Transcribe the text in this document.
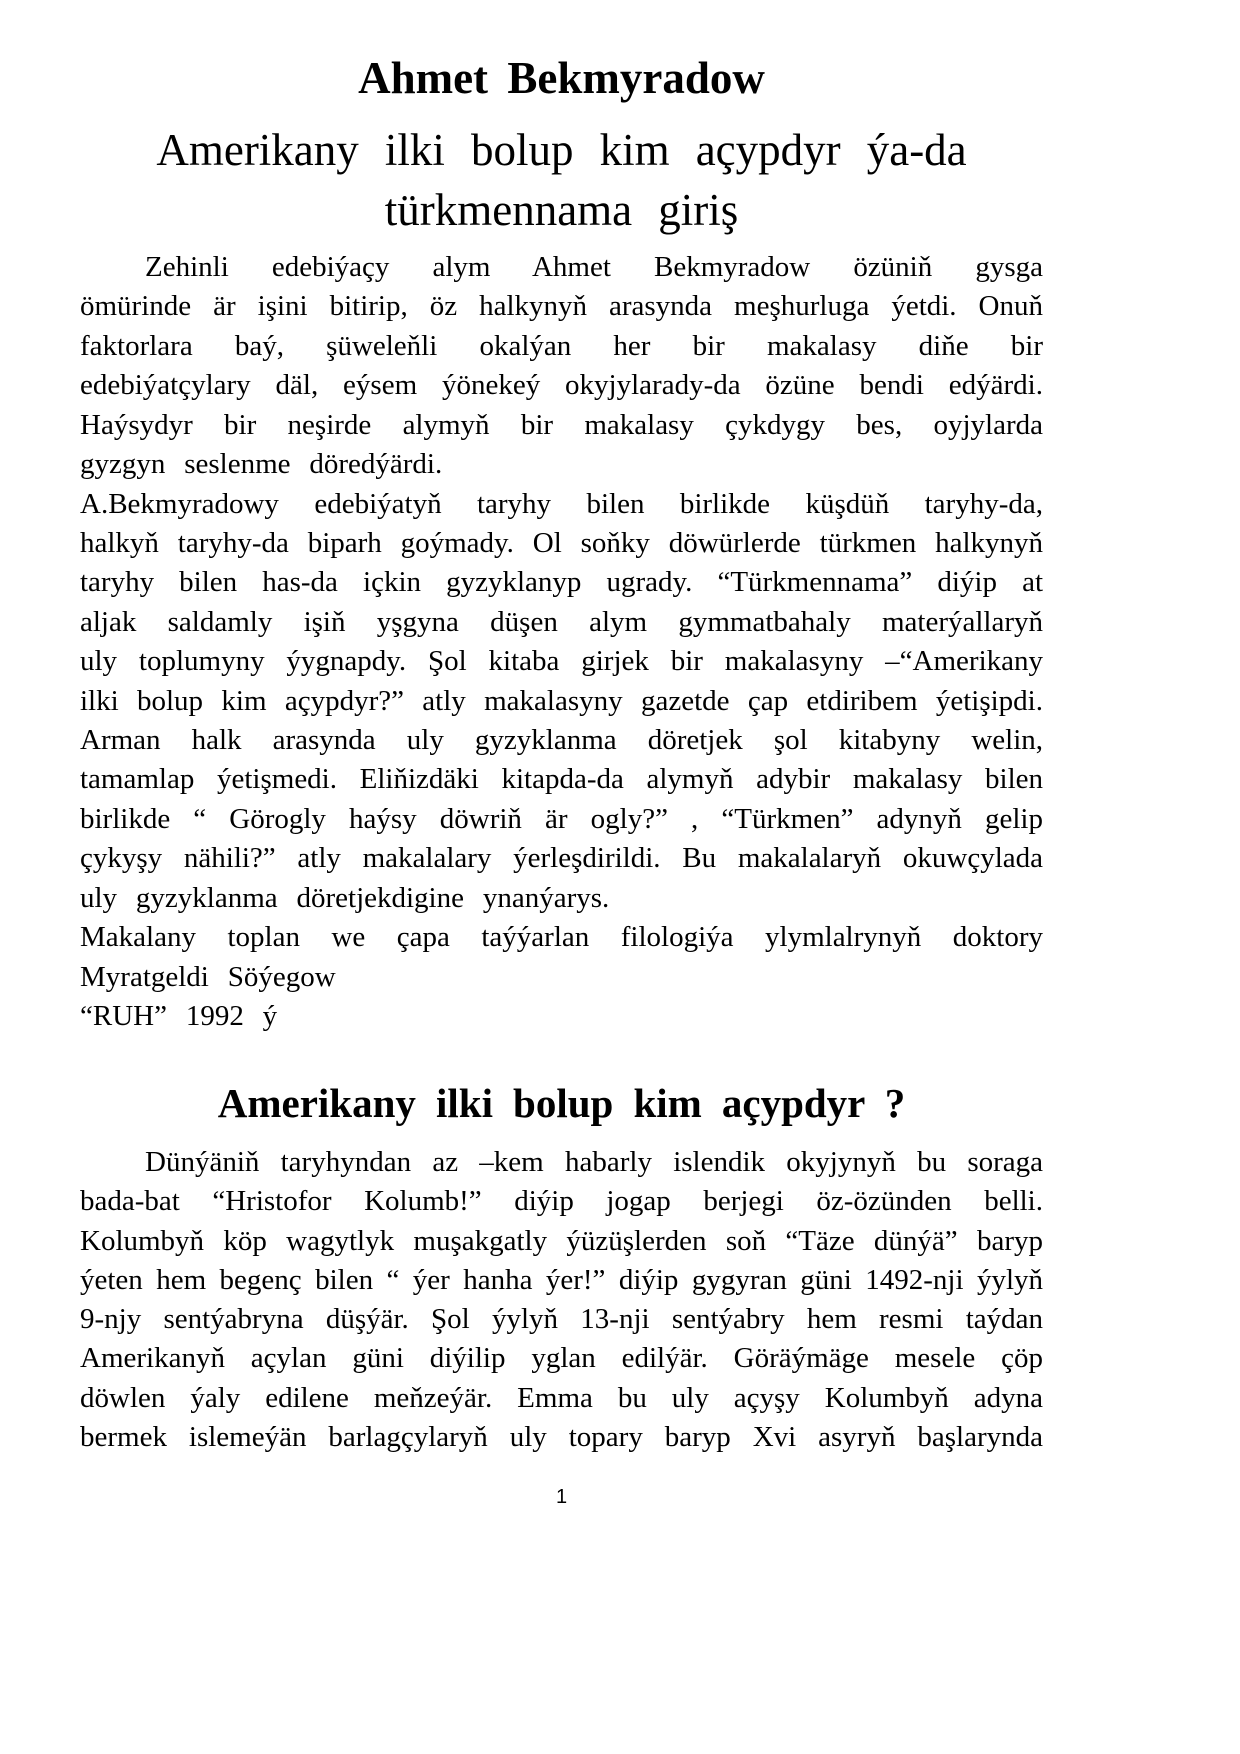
Ahmet Bekmyradow
Amerikany ilki bolup kim açypdyr ýa-da
türkmennama giriş
Zehinli edebiýaçy alym Ahmet Bekmyradow özüniň gysga
ömürinde är işini bitirip, öz halkynyň arasynda meşhurluga ýetdi. Onuň
faktorlara baý, şüweleňli okalýan her bir makalasy diňe bir
edebiýatçylary däl, eýsem ýönekeý okyjylarady-da özüne bendi edýärdi.
Haýsydyr bir neşirde alymyň bir makalasy çykdygy bes, oyjylarda
gyzgyn seslenme döredýärdi.
A.Bekmyradowy edebiýatyň taryhy bilen birlikde küşdüň taryhy-da,
halkyň taryhy-da biparh goýmady. Ol soňky döwürlerde türkmen halkynyň
taryhy bilen has-da içkin gyzyklanyp ugrady. “Türkmennama” diýip at
aljak saldamly işiň yşgyna düşen alym gymmatbahaly materýallaryň
uly toplumyny ýygnapdy. Şol kitaba girjek bir makalasyny –“Amerikany
ilki bolup kim açypdyr?” atly makalasyny gazetde çap etdiribem ýetişipdi.
Arman halk arasynda uly gyzyklanma döretjek şol kitabyny welin,
tamamlap ýetişmedi. Eliňizdäki kitapda-da alymyň adybir makalasy bilen
birlikde “ Görogly haýsy döwriň är ogly?” , “Türkmen” adynyň gelip
çykyşy nähili?” atly makalalary ýerleşdirildi. Bu makalalaryň okuwçylada
uly gyzyklanma döretjekdigine ynanýarys.
Makalany toplan we çapa taýýarlan filologiýa ylymlalrynyň doktory
Myratgeldi Söýegow
“RUH” 1992 ý
Amerikany ilki bolup kim açypdyr ?
Dünýäniň taryhyndan az –kem habarly islendik okyjynyň bu soraga
bada-bat “Hristofor Kolumb!” diýip jogap berjegi öz-özünden belli.
Kolumbyň köp wagytlyk muşakgatly ýüzüşlerden soň “Täze dünýä” baryp
ýeten hem begenç bilen “ ýer hanha ýer!” diýip gygyran güni 1492-nji ýylyň
9-njy sentýabryna düşýär. Şol ýylyň 13-nji sentýabry hem resmi taýdan
Amerikanyň açylan güni diýilip yglan edilýär. Göräýmäge mesele çöp
döwlen ýaly edilene meňzeýär. Emma bu uly açyşy Kolumbyň adyna
bermek islemeýän barlagçylaryň uly topary baryp Xvi asyryň başlarynda
1
